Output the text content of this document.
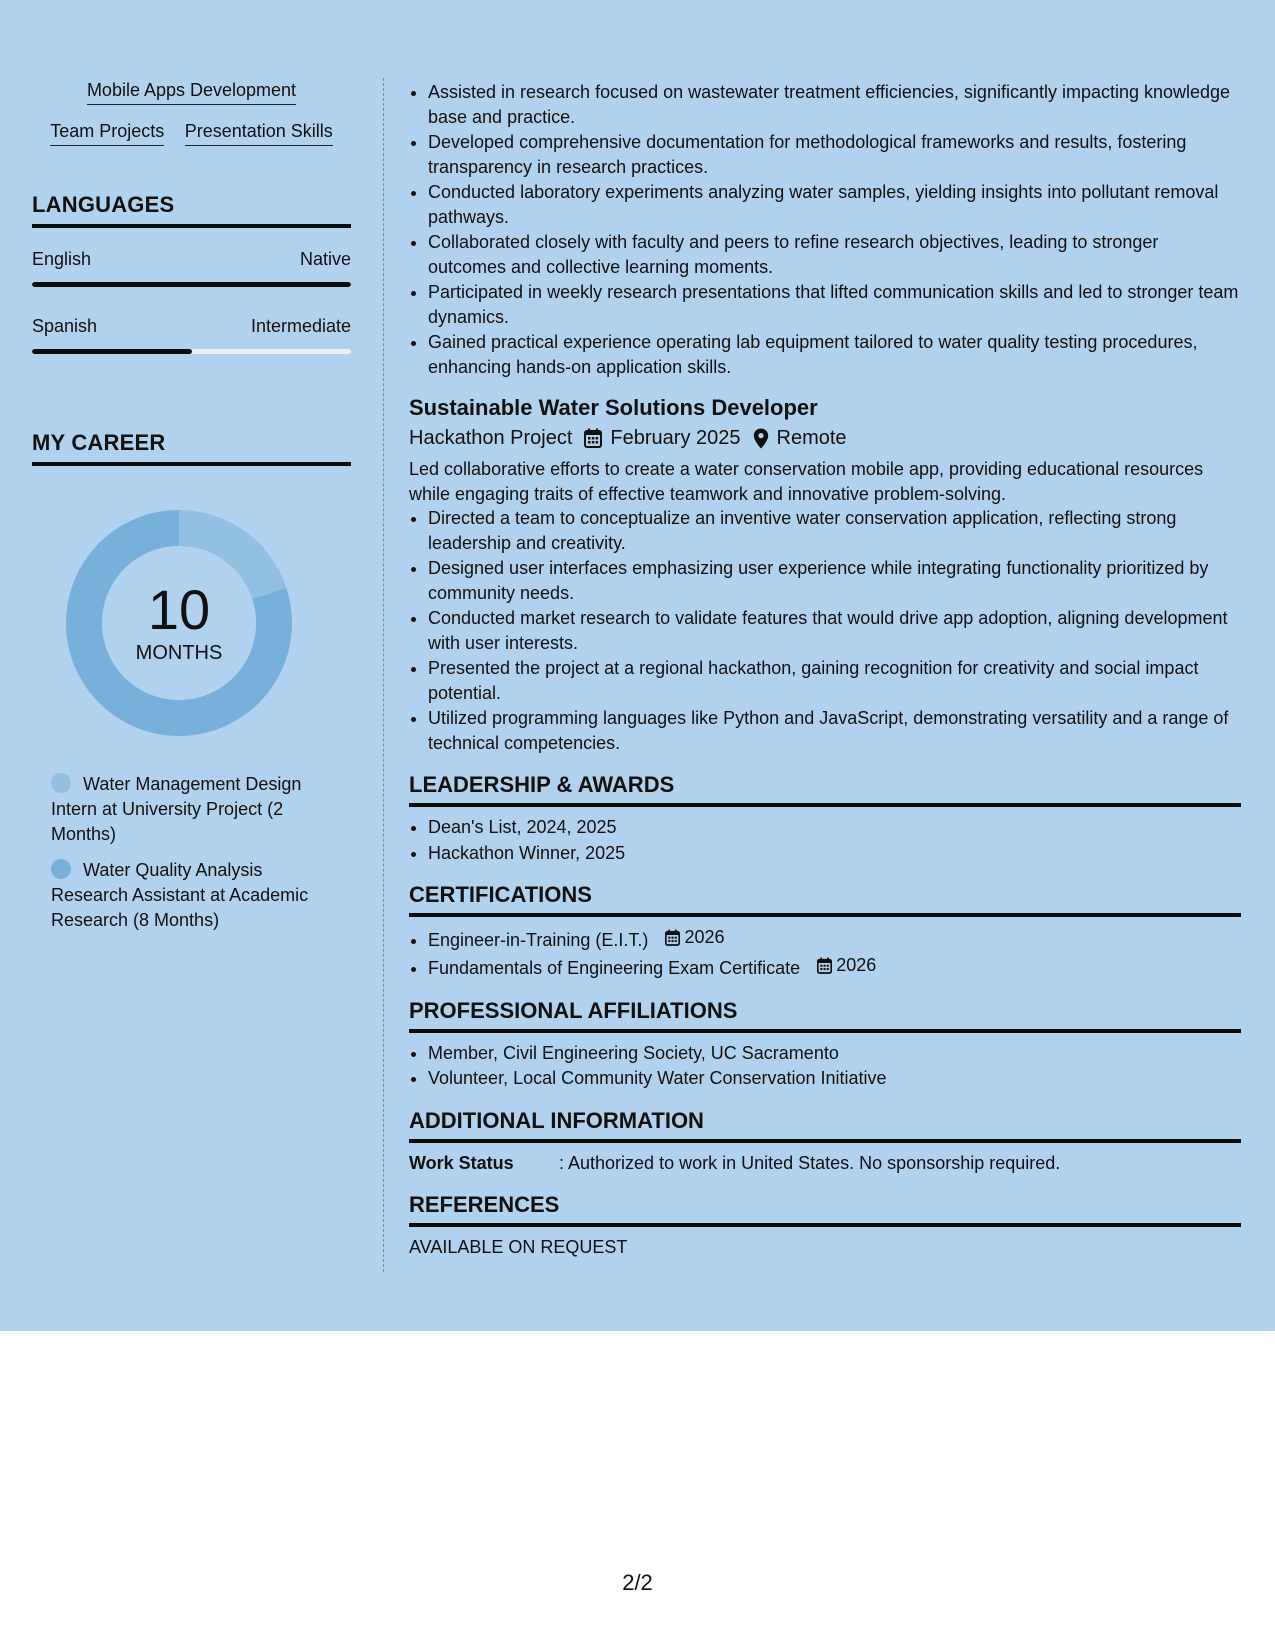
Mobile Apps Development
Team Projects Presentation Skills
LANGUAGES
English	Native
Spanish	Intermediate
MY CAREER
10
MONTHS
Water Management Design Intern at University Project (2 Months)
Water Quality Analysis Research Assistant at Academic Research (8 Months)
• Assisted in research focused on wastewater treatment efficiencies, significantly impacting knowledge base and practice.
• Developed comprehensive documentation for methodological frameworks and results, fostering transparency in research practices.
• Conducted laboratory experiments analyzing water samples, yielding insights into pollutant removal pathways.
• Collaborated closely with faculty and peers to refine research objectives, leading to stronger outcomes and collective learning moments.
• Participated in weekly research presentations that lifted communication skills and led to stronger team dynamics.
• Gained practical experience operating lab equipment tailored to water quality testing procedures, enhancing hands-on application skills.
Sustainable Water Solutions Developer
Hackathon Project February 2025 Remote
Led collaborative efforts to create a water conservation mobile app, providing educational resources while engaging traits of effective teamwork and innovative problem-solving.
• Directed a team to conceptualize an inventive water conservation application, reflecting strong leadership and creativity.
• Designed user interfaces emphasizing user experience while integrating functionality prioritized by community needs.
• Conducted market research to validate features that would drive app adoption, aligning development with user interests.
• Presented the project at a regional hackathon, gaining recognition for creativity and social impact potential.
• Utilized programming languages like Python and JavaScript, demonstrating versatility and a range of technical competencies.
LEADERSHIP & AWARDS
• Dean's List, 2024, 2025
• Hackathon Winner, 2025
CERTIFICATIONS
• Engineer-in-Training (E.I.T.) 2026
• Fundamentals of Engineering Exam Certificate 2026
PROFESSIONAL AFFILIATIONS
• Member, Civil Engineering Society, UC Sacramento
• Volunteer, Local Community Water Conservation Initiative
ADDITIONAL INFORMATION
Work Status	: Authorized to work in United States. No sponsorship required.
REFERENCES
AVAILABLE ON REQUEST
2/2
